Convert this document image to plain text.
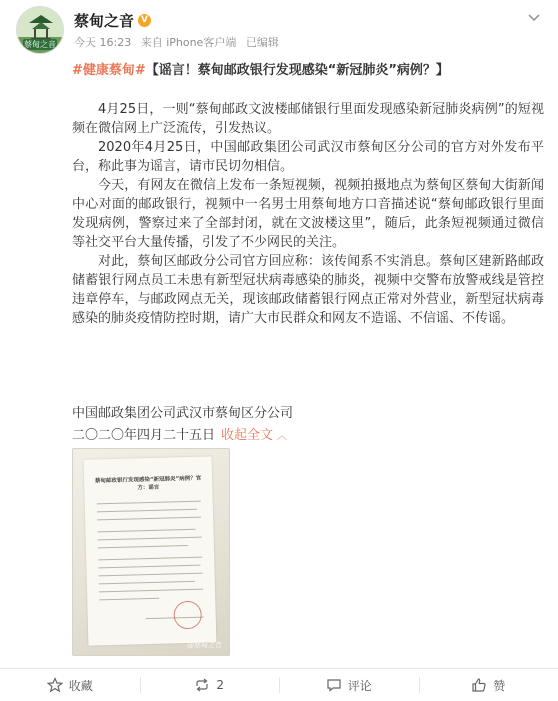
蔡甸之音
蔡甸之音 V
今天 16:23 来自 iPhone客户端 已编辑
#健康蔡甸#【谣言！蔡甸邮政银行发现感染“新冠肺炎”病例？】

4月25日，一则“蔡甸邮政文波楼邮储银行里面发现感染新冠肺炎病例”的短视频在微信网上广泛流传，引发热议。

2020年4月25日，中国邮政集团公司武汉市蔡甸区分公司的官方对外发布平台，称此事为谣言，请市民切勿相信。

今天，有网友在微信上发布一条短视频，视频拍摄地点为蔡甸区蔡甸大街新闻中心对面的邮政银行，视频中一名男士用蔡甸地方口音描述说“蔡甸邮政银行里面发现病例，警察过来了全部封闭，就在文波楼这里”，随后，此条短视频通过微信等社交平台大量传播，引发了不少网民的关注。

对此，蔡甸区邮政分公司官方回应称：该传闻系不实消息。蔡甸区建新路邮政储蓄银行网点员工未患有新型冠状病毒感染的肺炎，视频中交警布放警戒线是管控违章停车，与邮政网点无关，现该邮政储蓄银行网点正常对外营业，新型冠状病毒感染的肺炎疫情防控时期，请广大市民群众和网友不造谣、不信谣、不传谣。

中国邮政集团公司武汉市蔡甸区分公司
二〇二〇年四月二十五日 收起全文 ︿
蔡甸邮政银行发现感染“新冠肺炎”病例？官方：谣言
@蔡甸之音
收藏	2	评论	赞
